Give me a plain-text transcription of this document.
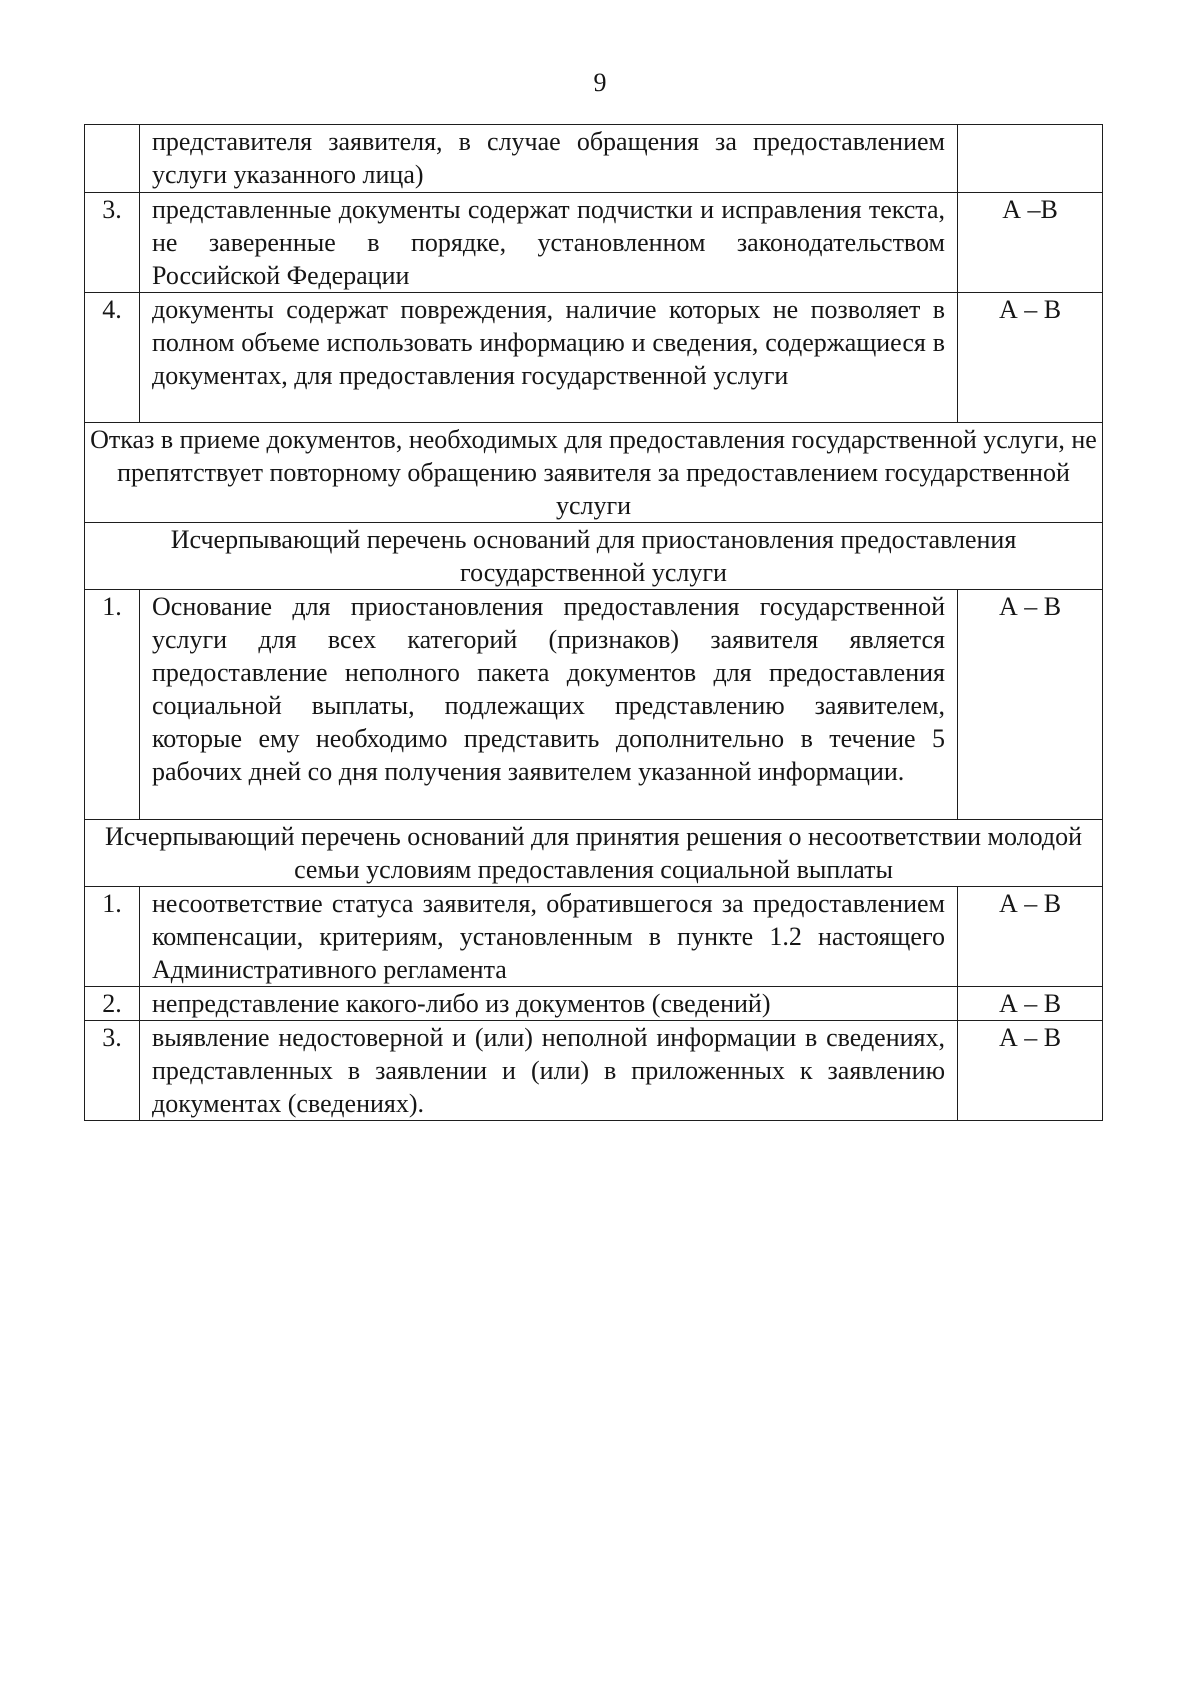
9
	представителя заявителя, в случае обращения за предоставлением услуги указанного лица)	
3.	представленные документы содержат подчистки и исправления текста, не заверенные в порядке, установленном законодательством Российской Федерации	А –В
4.	документы содержат повреждения, наличие которых не позволяет в полном объеме использовать информацию и сведения, содержащиеся в документах, для предоставления государственной услуги	А – В
Отказ в приеме документов, необходимых для предоставления государственной услуги, не препятствует повторному обращению заявителя за предоставлением государственной услуги		
Исчерпывающий перечень оснований для приостановления предоставления государственной услуги		
1.	Основание для приостановления предоставления государственной услуги для всех категорий (признаков) заявителя является предоставление неполного пакета документов для предоставления социальной выплаты, подлежащих представлению заявителем, которые ему необходимо представить дополнительно в течение 5 рабочих дней со дня получения заявителем указанной информации.	А – В
Исчерпывающий перечень оснований для принятия решения о несоответствии молодой семьи условиям предоставления социальной выплаты		
1.	несоответствие статуса заявителя, обратившегося за предоставлением компенсации, критериям, установленным в пункте 1.2 настоящего Административного регламента	А – В
2.	непредставление какого-либо из документов (сведений)	А – В
3.	выявление недостоверной и (или) неполной информации в сведениях, представленных в заявлении и (или) в приложенных к заявлению документах (сведениях).	А – В
